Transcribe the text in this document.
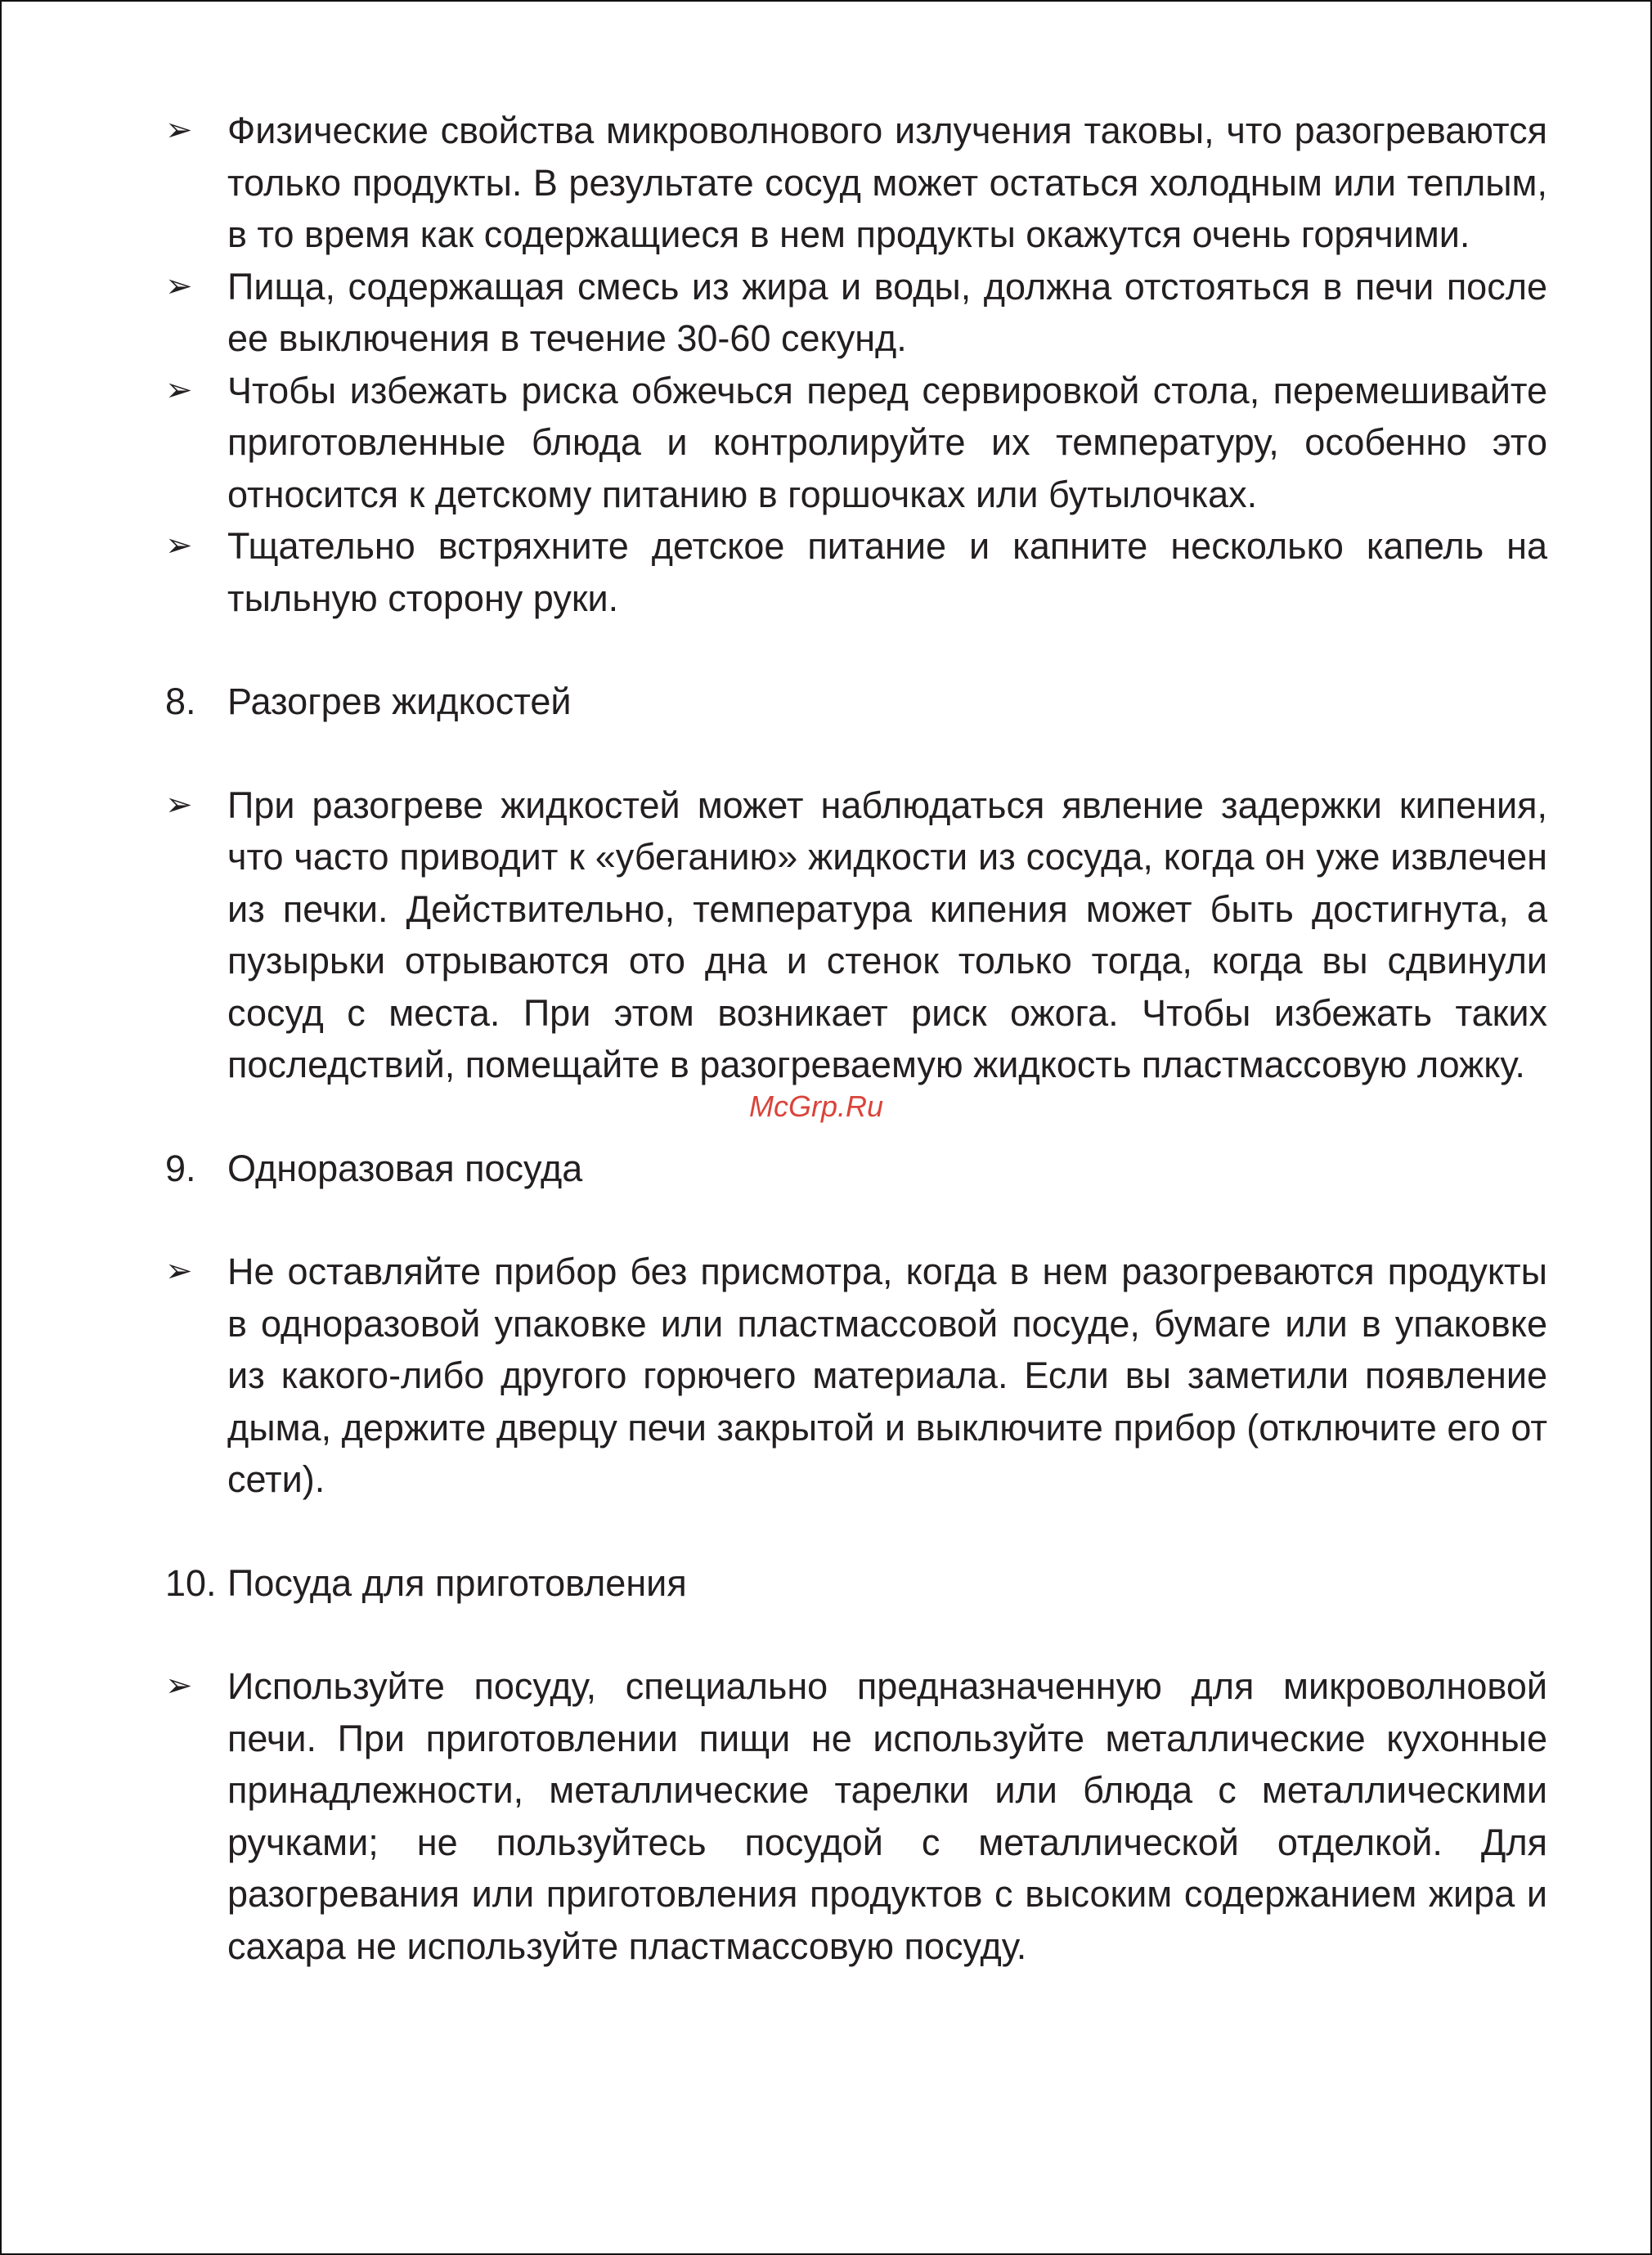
➢ Физические свойства микроволнового излучения таковы, что разогреваются только продукты. В результате сосуд может остаться холодным или теплым, в то время как содержащиеся в нем продукты окажутся очень горячими.
➢ Пища, содержащая смесь из жира и воды, должна отстояться в печи после ее выключения в течение 30-60 секунд.
➢ Чтобы избежать риска обжечься перед сервировкой стола, перемешивайте приготовленные блюда и контролируйте их температуру, особенно это относится к детскому питанию в горшочках или бутылочках.
➢ Тщательно встряхните детское питание и капните несколько капель на тыльную сторону руки.
8. Разогрев жидкостей
➢ При разогреве жидкостей может наблюдаться явление задержки кипения, что часто приводит к «убеганию» жидкости из сосуда, когда он уже извлечен из печки. Действительно, температура кипения может быть достигнута, а пузырьки отрываются ото дна и стенок только тогда, когда вы сдвинули сосуд с места. При этом возникает риск ожога. Чтобы избежать таких последствий, помещайте в разогреваемую жидкость пластмассовую ложку.
9. Одноразовая посуда
➢ Не оставляйте прибор без присмотра, когда в нем разогреваются продукты в одноразовой упаковке или пластмассовой посуде, бумаге или в упаковке из какого-либо другого горючего материала. Если вы заметили появление дыма, держите дверцу печи закрытой и выключите прибор (отключите его от сети).
10. Посуда для приготовления
➢ Используйте посуду, специально предназначенную для микроволновой печи. При приготовлении пищи не используйте металлические кухонные принадлежности, металлические тарелки или блюда с металлическими ручками; не пользуйтесь посудой с металлической отделкой. Для разогревания или приготовления продуктов с высоким содержанием жира и сахара не используйте пластмассовую посуду.
McGrp.Ru
